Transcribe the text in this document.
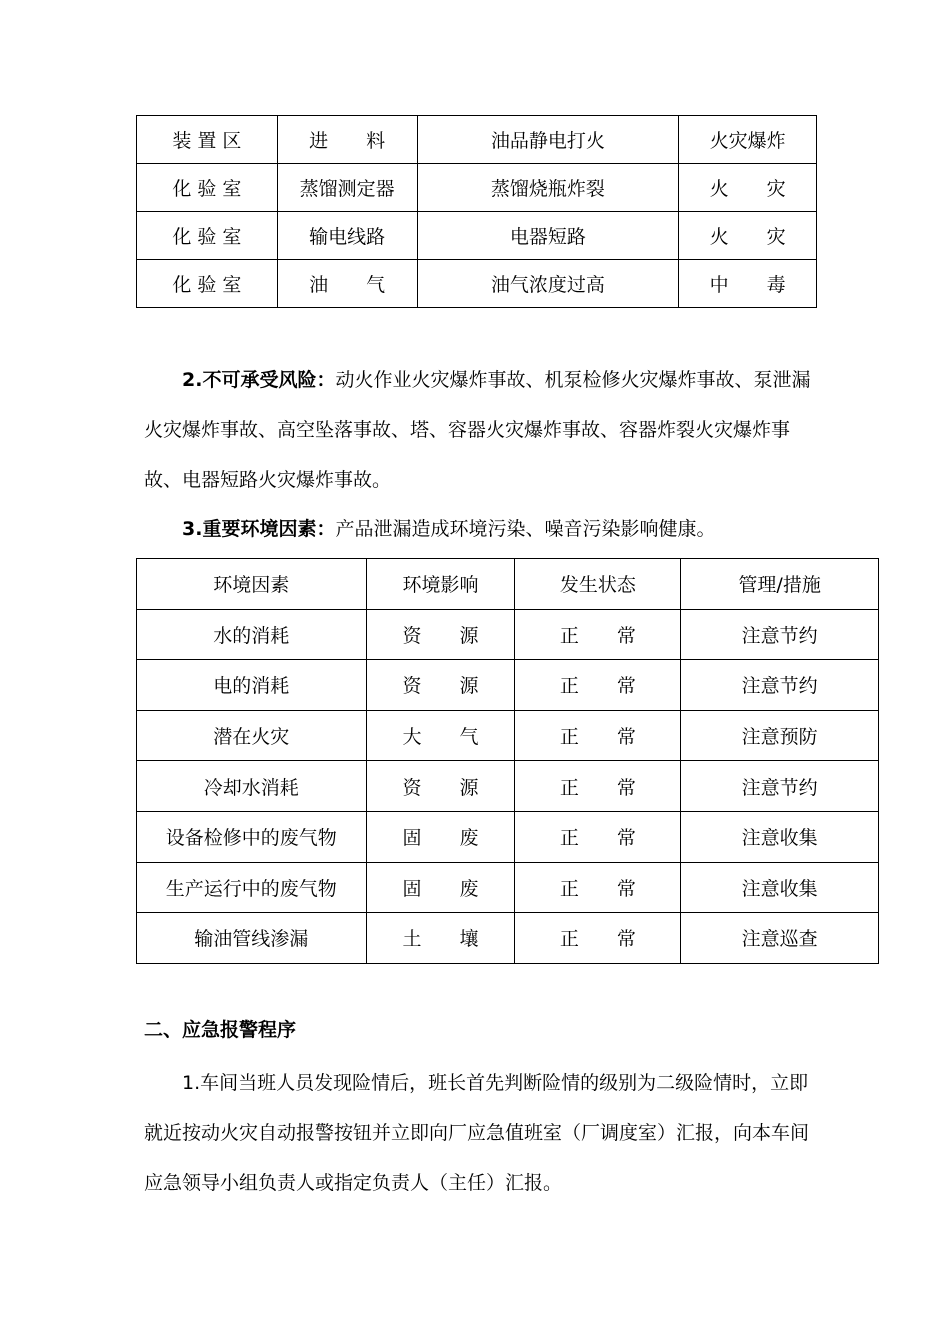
装 置 区	进　　料	油品静电打火	火灾爆炸
化 验 室	蒸馏测定器	蒸馏烧瓶炸裂	火　　灾
化 验 室	输电线路	电器短路	火　　灾
化 验 室	油　　气	油气浓度过高	中　　毒

2.不可承受风险：动火作业火灾爆炸事故、机泵检修火灾爆炸事故、泵泄漏火灾爆炸事故、高空坠落事故、塔、容器火灾爆炸事故、容器炸裂火灾爆炸事故、电器短路火灾爆炸事故。

3.重要环境因素：产品泄漏造成环境污染、噪音污染影响健康。

环境因素	环境影响	发生状态	管理/措施
水的消耗	资　　源	正　　常	注意节约
电的消耗	资　　源	正　　常	注意节约
潜在火灾	大　　气	正　　常	注意预防
冷却水消耗	资　　源	正　　常	注意节约
设备检修中的废气物	固　　废	正　　常	注意收集
生产运行中的废气物	固　　废	正　　常	注意收集
输油管线渗漏	土　　壤	正　　常	注意巡查

二、应急报警程序

1.车间当班人员发现险情后，班长首先判断险情的级别为二级险情时，立即就近按动火灾自动报警按钮并立即向厂应急值班室（厂调度室）汇报，向本车间应急领导小组负责人或指定负责人（主任）汇报。
